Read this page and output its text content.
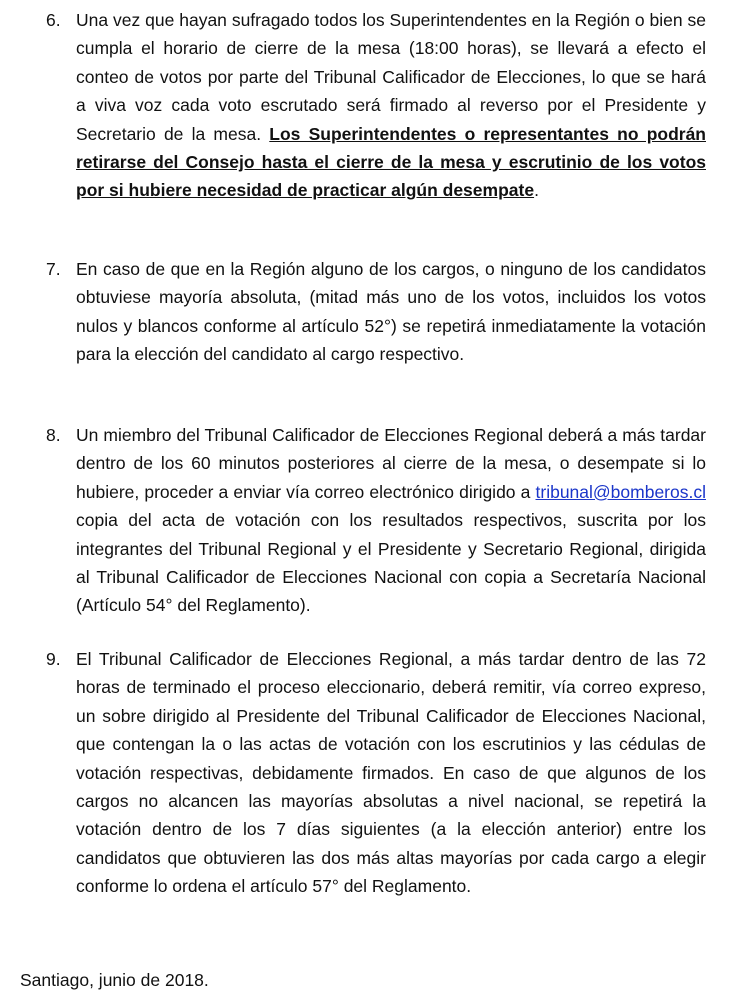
6. Una vez que hayan sufragado todos los Superintendentes en la Región o bien se cumpla el horario de cierre de la mesa (18:00 horas), se llevará a efecto el conteo de votos por parte del Tribunal Calificador de Elecciones, lo que se hará a viva voz cada voto escrutado será firmado al reverso por el Presidente y Secretario de la mesa. Los Superintendentes o representantes no podrán retirarse del Consejo hasta el cierre de la mesa y escrutinio de los votos por si hubiere necesidad de practicar algún desempate.

7. En caso de que en la Región alguno de los cargos, o ninguno de los candidatos obtuviese mayoría absoluta, (mitad más uno de los votos, incluidos los votos nulos y blancos conforme al artículo 52°) se repetirá inmediatamente la votación para la elección del candidato al cargo respectivo.

8. Un miembro del Tribunal Calificador de Elecciones Regional deberá a más tardar dentro de los 60 minutos posteriores al cierre de la mesa, o desempate si lo hubiere, proceder a enviar vía correo electrónico dirigido a tribunal@bomberos.cl copia del acta de votación con los resultados respectivos, suscrita por los integrantes del Tribunal Regional y el Presidente y Secretario Regional, dirigida al Tribunal Calificador de Elecciones Nacional con copia a Secretaría Nacional (Artículo 54° del Reglamento).

9. El Tribunal Calificador de Elecciones Regional, a más tardar dentro de las 72 horas de terminado el proceso eleccionario, deberá remitir, vía correo expreso, un sobre dirigido al Presidente del Tribunal Calificador de Elecciones Nacional, que contengan la o las actas de votación con los escrutinios y las cédulas de votación respectivas, debidamente firmados. En caso de que algunos de los cargos no alcancen las mayorías absolutas a nivel nacional, se repetirá la votación dentro de los 7 días siguientes (a la elección anterior) entre los candidatos que obtuvieren las dos más altas mayorías por cada cargo a elegir conforme lo ordena el artículo 57° del Reglamento.

Santiago, junio de 2018.
